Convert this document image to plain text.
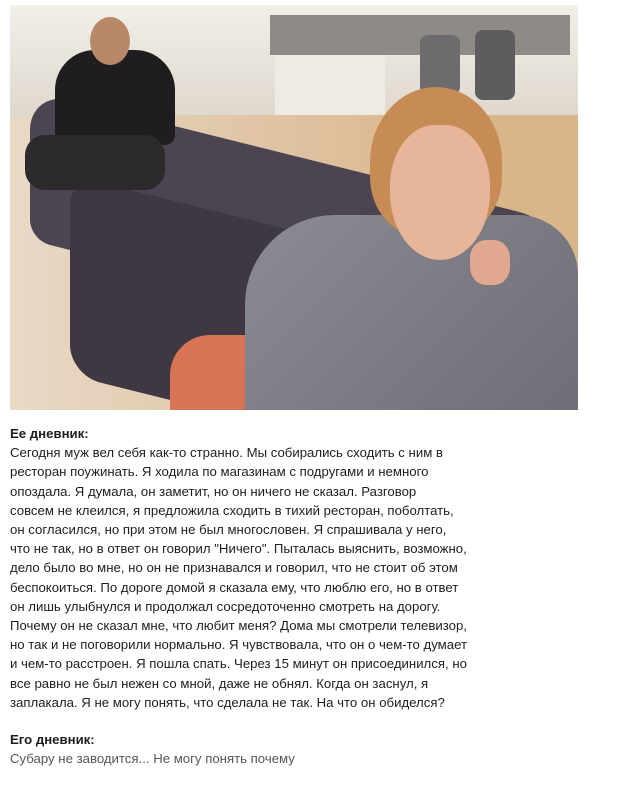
Ее дневник:
Сегодня муж вел себя как-то странно. Мы собирались сходить с ним в
ресторан поужинать. Я ходила по магазинам с подругами и немного
опоздала. Я думала, он заметит, но он ничего не сказал. Разговор
совсем не клеился, я предложила сходить в тихий ресторан, поболтать,
он согласился, но при этом не был многословен. Я спрашивала у него,
что не так, но в ответ он говорил "Ничего". Пыталась выяснить, возможно,
дело было во мне, но он не признавался и говорил, что не стоит об этом
беспокоиться. По дороге домой я сказала ему, что люблю его, но в ответ
он лишь улыбнулся и продолжал сосредоточенно смотреть на дорогу.
Почему он не сказал мне, что любит меня? Дома мы смотрели телевизор,
но так и не поговорили нормально. Я чувствовала, что он о чем-то думает
и чем-то расстроен. Я пошла спать. Через 15 минут он присоединился, но
все равно не был нежен со мной, даже не обнял. Когда он заснул, я
заплакала. Я не могу понять, что сделала не так. На что он обиделся?
Его дневник:
Субару не заводится... Не могу понять почему
